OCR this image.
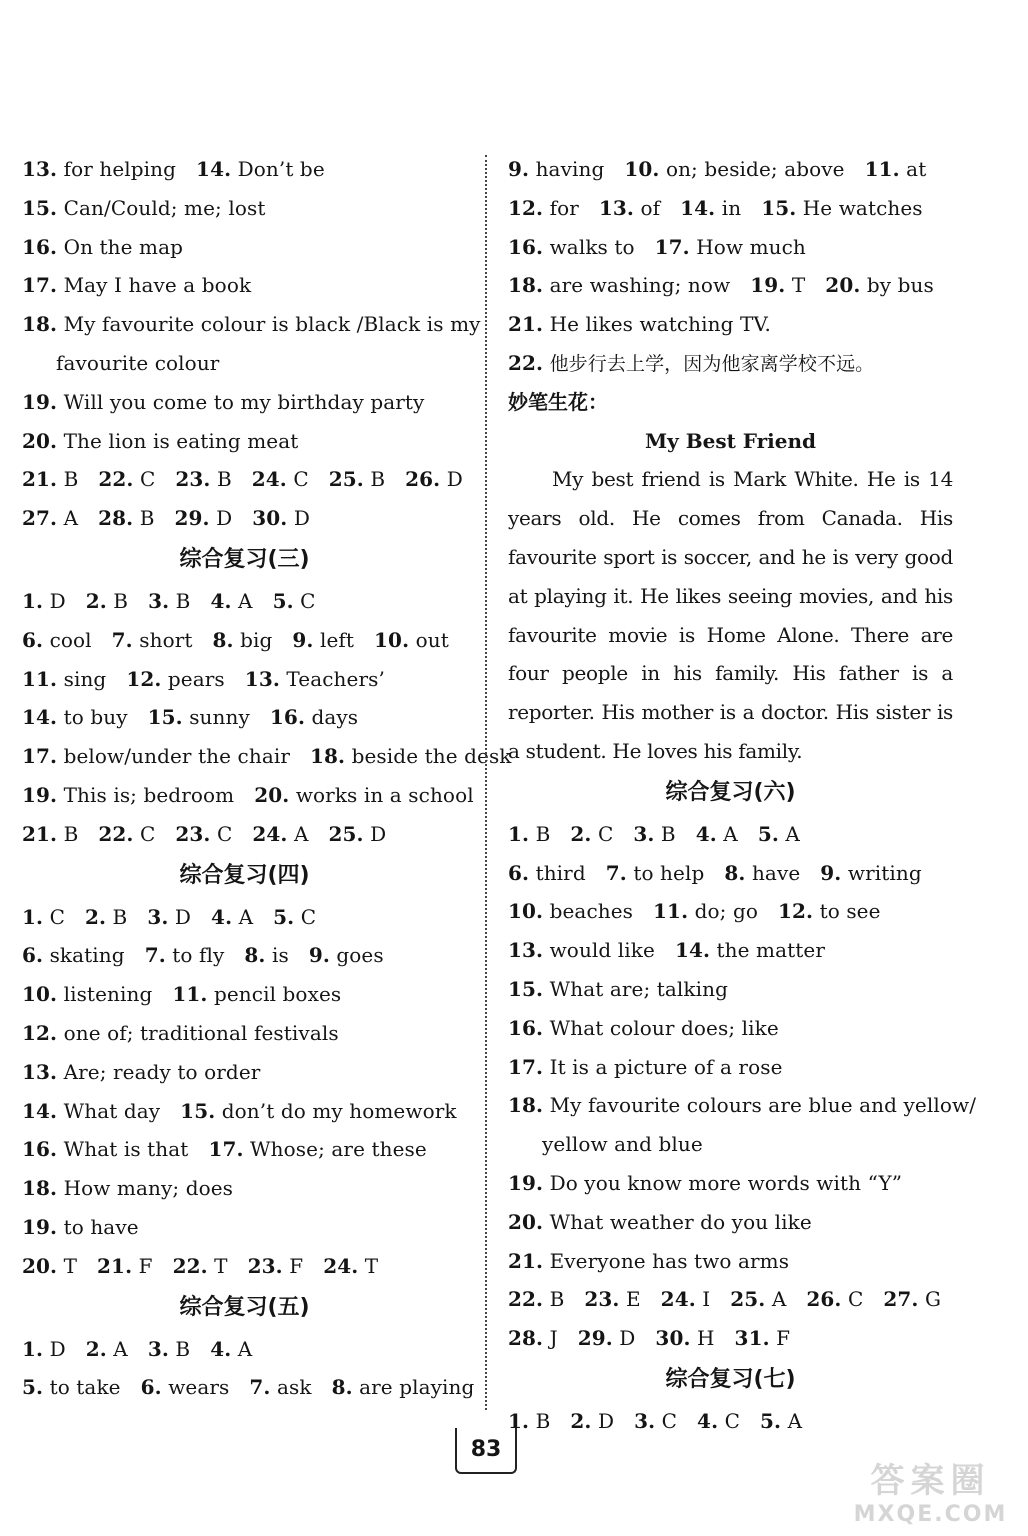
13. for helping 14. Don’t be
15. Can/Could; me; lost
16. On the map
17. May I have a book
18. My favourite colour is black /Black is my
favourite colour
19. Will you come to my birthday party
20. The lion is eating meat
21. B 22. C 23. B 24. C 25. B 26. D
27. A 28. B 29. D 30. D
综合复习(三)
1. D 2. B 3. B 4. A 5. C
6. cool 7. short 8. big 9. left 10. out
11. sing 12. pears 13. Teachers’
14. to buy 15. sunny 16. days
17. below/under the chair 18. beside the desk
19. This is; bedroom 20. works in a school
21. B 22. C 23. C 24. A 25. D
综合复习(四)
1. C 2. B 3. D 4. A 5. C
6. skating 7. to fly 8. is 9. goes
10. listening 11. pencil boxes
12. one of; traditional festivals
13. Are; ready to order
14. What day 15. don’t do my homework
16. What is that 17. Whose; are these
18. How many; does
19. to have
20. T 21. F 22. T 23. F 24. T
综合复习(五)
1. D 2. A 3. B 4. A
5. to take 6. wears 7. ask 8. are playing
9. having 10. on; beside; above 11. at
12. for 13. of 14. in 15. He watches
16. walks to 17. How much
18. are washing; now 19. T 20. by bus
21. He likes watching TV.
22. 他步行去上学，因为他家离学校不远。
妙笔生花：
My Best Friend
My best friend is Mark White. He is 14 years old. He comes from Canada. His favourite sport is soccer, and he is very good at playing it. He likes seeing movies, and his favourite movie is Home Alone. There are four people in his family. His father is a reporter. His mother is a doctor. His sister is a student. He loves his family.
综合复习(六)
1. B 2. C 3. B 4. A 5. A
6. third 7. to help 8. have 9. writing
10. beaches 11. do; go 12. to see
13. would like 14. the matter
15. What are; talking
16. What colour does; like
17. It is a picture of a rose
18. My favourite colours are blue and yellow/
yellow and blue
19. Do you know more words with “Y”
20. What weather do you like
21. Everyone has two arms
22. B 23. E 24. I 25. A 26. C 27. G
28. J 29. D 30. H 31. F
综合复习(七)
1. B 2. D 3. C 4. C 5. A
83
答案圈
MXQE.COM
